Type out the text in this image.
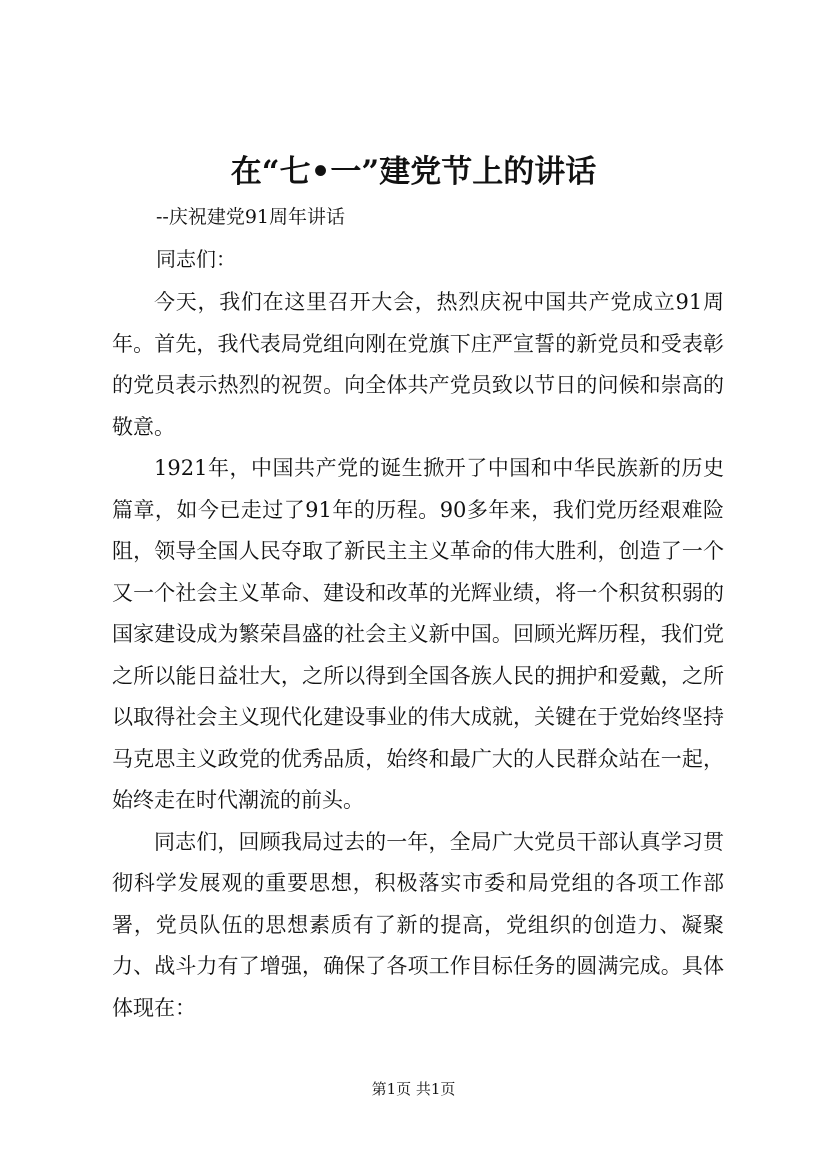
在“七•一”建党节上的讲话
--庆祝建党91周年讲话
同志们：

今天，我们在这里召开大会，热烈庆祝中国共产党成立91周年。首先，我代表局党组向刚在党旗下庄严宣誓的新党员和受表彰的党员表示热烈的祝贺。向全体共产党员致以节日的问候和崇高的敬意。

1921年，中国共产党的诞生掀开了中国和中华民族新的历史篇章，如今已走过了91年的历程。90多年来，我们党历经艰难险阻，领导全国人民夺取了新民主主义革命的伟大胜利，创造了一个又一个社会主义革命、建设和改革的光辉业绩，将一个积贫积弱的国家建设成为繁荣昌盛的社会主义新中国。回顾光辉历程，我们党之所以能日益壮大，之所以得到全国各族人民的拥护和爱戴，之所以取得社会主义现代化建设事业的伟大成就，关键在于党始终坚持马克思主义政党的优秀品质，始终和最广大的人民群众站在一起，始终走在时代潮流的前头。

同志们，回顾我局过去的一年，全局广大党员干部认真学习贯彻科学发展观的重要思想，积极落实市委和局党组的各项工作部署，党员队伍的思想素质有了新的提高，党组织的创造力、凝聚力、战斗力有了增强，确保了各项工作目标任务的圆满完成。具体体现在：

第1页 共1页
